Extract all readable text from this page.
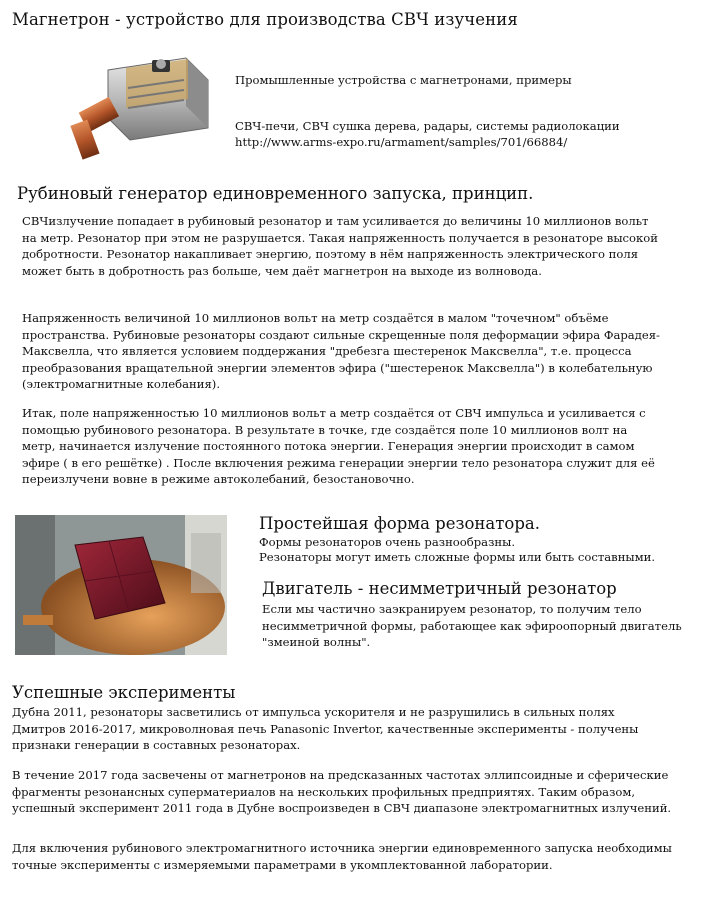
Магнетрон - устройство для производства СВЧ изучения
Промышленные устройства с магнетронами, примеры
СВЧ-печи, СВЧ сушка дерева, радары, системы радиолокации
http://www.arms-expo.ru/armament/samples/701/66884/
Рубиновый генератор единовременного запуска, принцип.
СВЧизлучение попадает в рубиновый резонатор и там усиливается до величины 10 миллионов вольт на метр. Резонатор при этом не разрушается. Такая напряженность получается в резонаторе высокой добротности. Резонатор накапливает энергию, поэтому в нём напряженность электрического поля может быть в добротность раз больше, чем даёт магнетрон на выходе из волновода.
Напряженность величиной 10 миллионов вольт на метр создаётся в малом "точечном" объёме пространства. Рубиновые резонаторы создают сильные скрещенные поля деформации эфира Фарадея-Максвелла, что является условием поддержания "дребезга шестеренок Максвелла", т.е. процесса преобразования вращательной энергии элементов эфира ("шестеренок Максвелла") в колебательную (электромагнитные колебания).
Итак, поле напряженностью 10 миллионов вольт а метр создаётся от СВЧ импульса и усиливается с помощью рубинового резонатора. В результате в точке, где создаётся поле 10 миллионов волт на метр, начинается излучение постоянного потока энергии. Генерация энергии происходит в самом эфире ( в его решётке) . После включения режима генерации энергии тело резонатора служит для её переизлучени вовне в режиме автоколебаний, безостановочно.
Простейшая форма резонатора.
Формы резонаторов очень разнообразны.
Резонаторы могут иметь сложные формы или быть составными.
Двигатель - несимметричный резонатор
Если мы частично заэкранируем резонатор, то получим тело несимметричной формы, работающее как эфироопорный двигатель "змеиной волны".
Успешные эксперименты
Дубна 2011, резонаторы засветились от импульса ускорителя и не разрушились в сильных полях Дмитров 2016-2017, микроволновая печь Panasonic Invertor, качественные эксперименты - получены признаки генерации в составных резонаторах.
В течение 2017 года засвечены от магнетронов на предсказанных частотах эллипсоидные и сферические фрагменты резонансных суперматериалов на нескольких профильных предприятях. Таким образом, успешный эксперимент 2011 года в Дубне воспроизведен в СВЧ диапазоне электромагнитных излучений.
Для включения рубинового электромагнитного источника энергии единовременного запуска необходимы точные эксперименты с измеряемыми параметрами в укомплектованной лаборатории.
